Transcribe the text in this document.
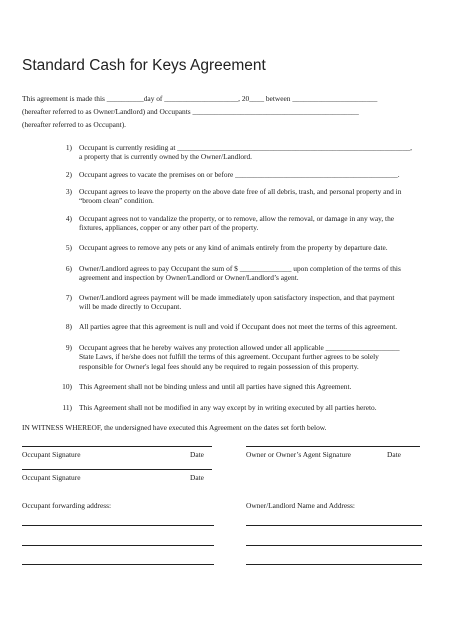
Standard Cash for Keys Agreement
This agreement is made this __________day of ____________________, 20____ between _______________________
(hereafter referred to as Owner/Landlord) and Occupants _____________________________________________
(hereafter referred to as Occupant).
1) Occupant is currently residing at _______________________________________________________________,
a property that is currently owned by the Owner/Landlord.
2) Occupant agrees to vacate the premises on or before ____________________________________________.
3) Occupant agrees to leave the property on the above date free of all debris, trash, and personal property and in
“broom clean” condition.
4) Occupant agrees not to vandalize the property, or to remove, allow the removal, or damage in any way, the
fixtures, appliances, copper or any other part of the property.
5) Occupant agrees to remove any pets or any kind of animals entirely from the property by departure date.
6) Owner/Landlord agrees to pay Occupant the sum of $ ______________ upon completion of the terms of this
agreement and inspection by Owner/Landlord or Owner/Landlord’s agent.
7) Owner/Landlord agrees payment will be made immediately upon satisfactory inspection, and that payment
will be made directly to Occupant.
8) All parties agree that this agreement is null and void if Occupant does not meet the terms of this agreement.
9) Occupant agrees that he hereby waives any protection allowed under all applicable ____________________
State Laws, if he/she does not fulfill the terms of this agreement. Occupant further agrees to be solely
responsible for Owner's legal fees should any be required to regain possession of this property.
10) This Agreement shall not be binding unless and until all parties have signed this Agreement.
11) This Agreement shall not be modified in any way except by in writing executed by all parties hereto.
IN WITNESS WHEREOF, the undersigned have executed this Agreement on the dates set forth below.
Occupant Signature	Date	Owner or Owner’s Agent Signature	Date
Occupant Signature	Date
Occupant forwarding address:	Owner/Landlord Name and Address:
